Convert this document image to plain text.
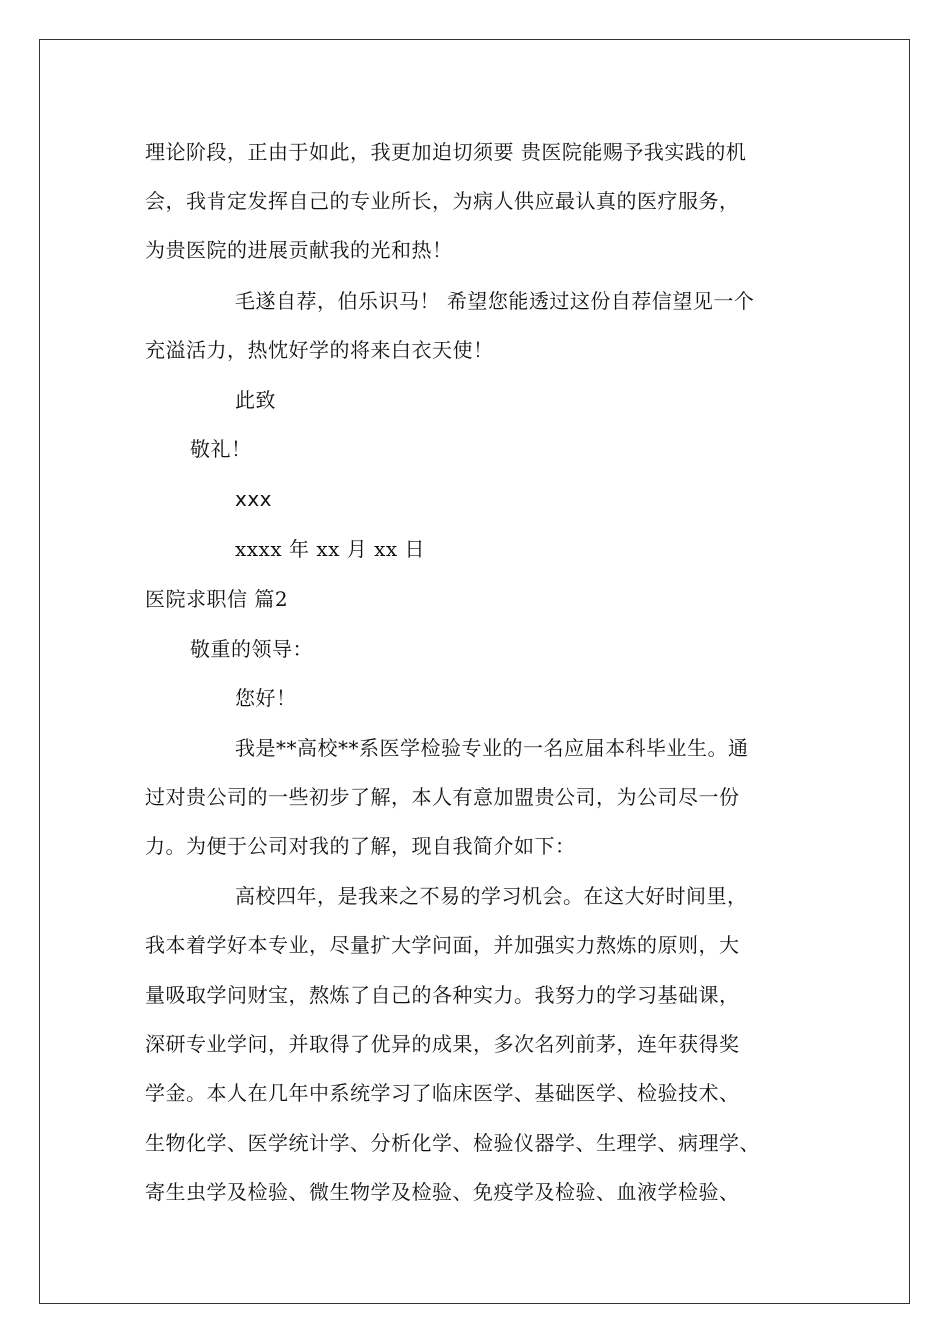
理论阶段，正由于如此，我更加迫切须要 贵医院能赐予我实践的机
会，我肯定发挥自己的专业所长，为病人供应最认真的医疗服务，
为贵医院的进展贡献我的光和热！
毛遂自荐，伯乐识马！ 希望您能透过这份自荐信望见一个
充溢活力，热忱好学的将来白衣天使！
此致
敬礼！
xxx
xxxx 年 xx 月 xx 日
医院求职信 篇2
敬重的领导：
您好！
我是**高校**系医学检验专业的一名应届本科毕业生。通
过对贵公司的一些初步了解，本人有意加盟贵公司，为公司尽一份
力。为便于公司对我的了解，现自我简介如下：
高校四年，是我来之不易的学习机会。在这大好时间里，
我本着学好本专业，尽量扩大学问面，并加强实力熬炼的原则，大
量吸取学问财宝，熬炼了自己的各种实力。我努力的学习基础课，
深研专业学问，并取得了优异的成果，多次名列前茅，连年获得奖
学金。本人在几年中系统学习了临床医学、基础医学、检验技术、
生物化学、医学统计学、分析化学、检验仪器学、生理学、病理学、
寄生虫学及检验、微生物学及检验、免疫学及检验、血液学检验、
